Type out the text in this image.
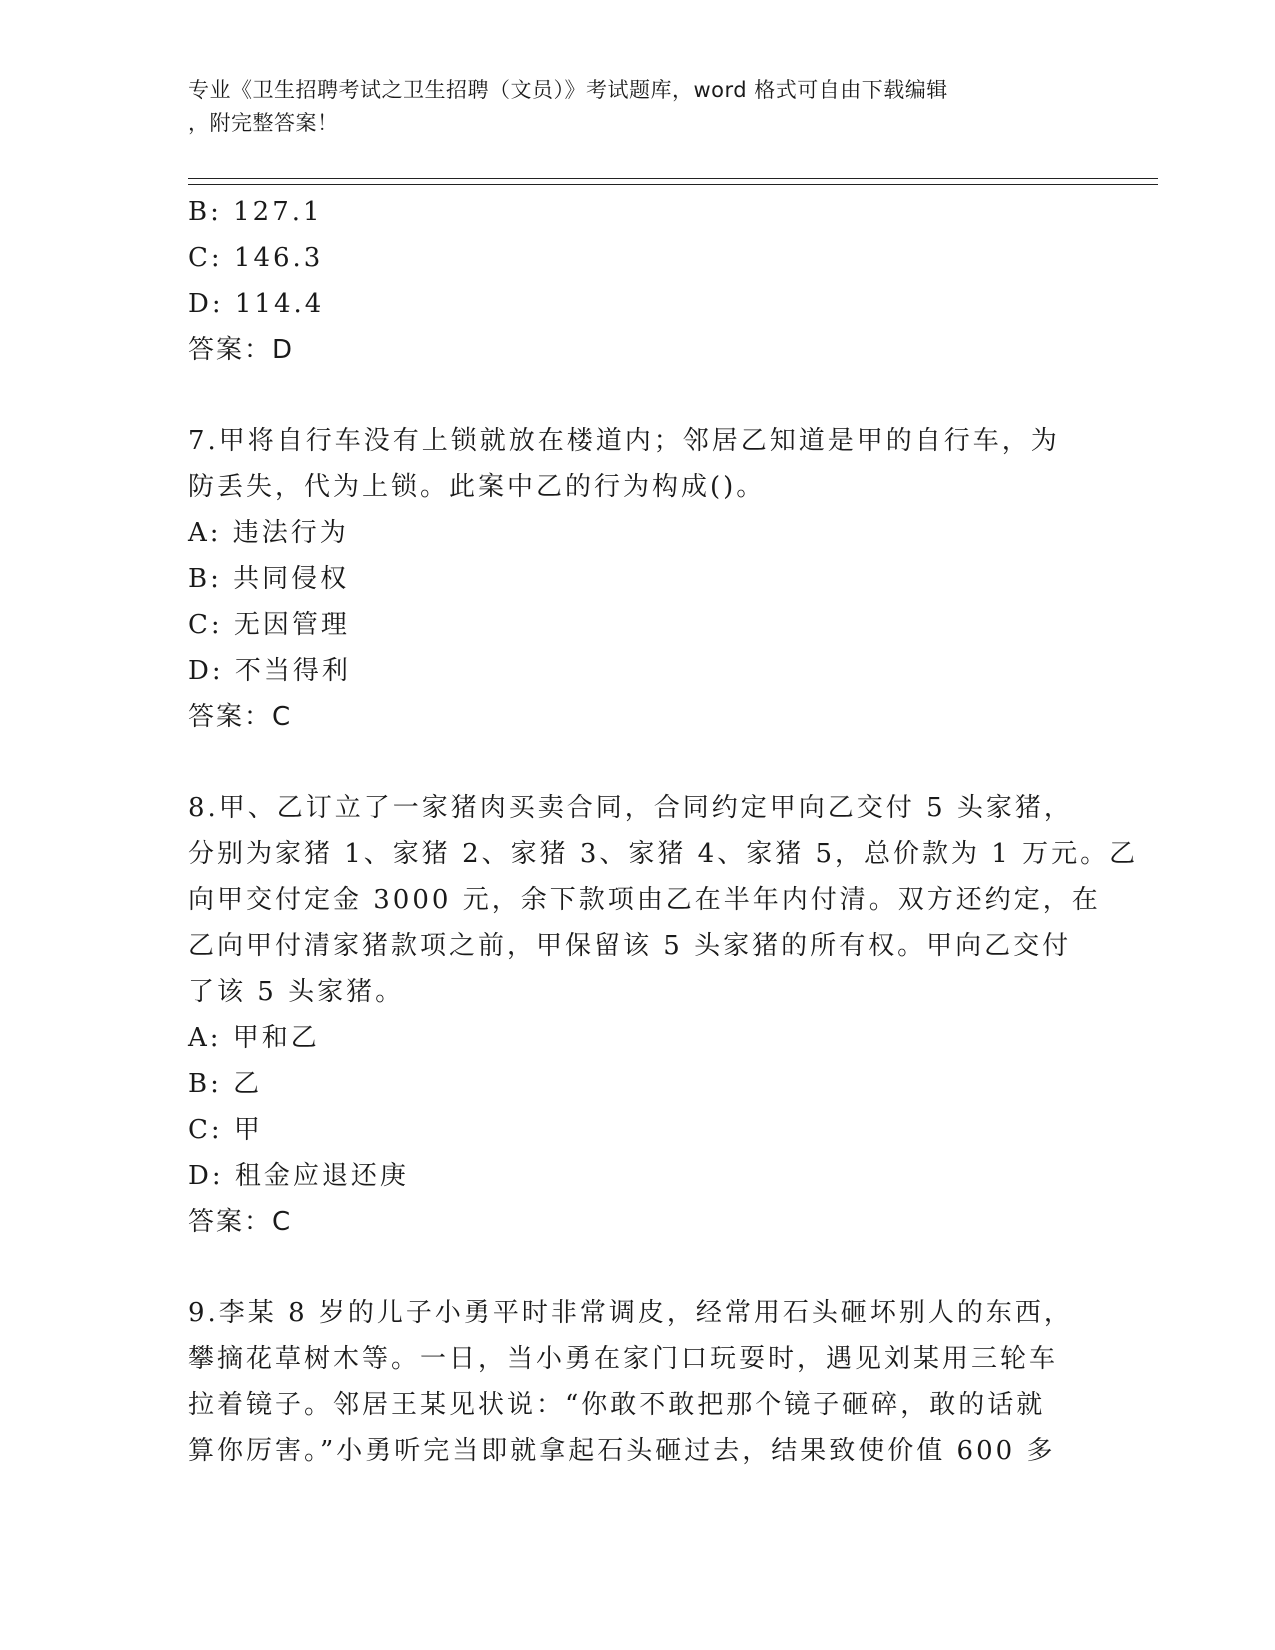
专业《卫生招聘考试之卫生招聘（文员）》考试题库，word 格式可自由下载编辑
，附完整答案！
B: 127.1
C: 146.3
D: 114.4
答案：D
7.甲将自行车没有上锁就放在楼道内；邻居乙知道是甲的自行车，为
防丢失，代为上锁。此案中乙的行为构成()。
A: 违法行为
B: 共同侵权
C: 无因管理
D: 不当得利
答案：C
8.甲、乙订立了一家猪肉买卖合同，合同约定甲向乙交付 5 头家猪，
分别为家猪 1、家猪 2、家猪 3、家猪 4、家猪 5，总价款为 1 万元。乙
向甲交付定金 3000 元，余下款项由乙在半年内付清。双方还约定，在
乙向甲付清家猪款项之前，甲保留该 5 头家猪的所有权。甲向乙交付
了该 5 头家猪。
A: 甲和乙
B: 乙
C: 甲
D: 租金应退还庚
答案：C
9.李某 8 岁的儿子小勇平时非常调皮，经常用石头砸坏别人的东西，
攀摘花草树木等。一日，当小勇在家门口玩耍时，遇见刘某用三轮车
拉着镜子。邻居王某见状说：“你敢不敢把那个镜子砸碎，敢的话就
算你厉害。”小勇听完当即就拿起石头砸过去，结果致使价值 600 多
